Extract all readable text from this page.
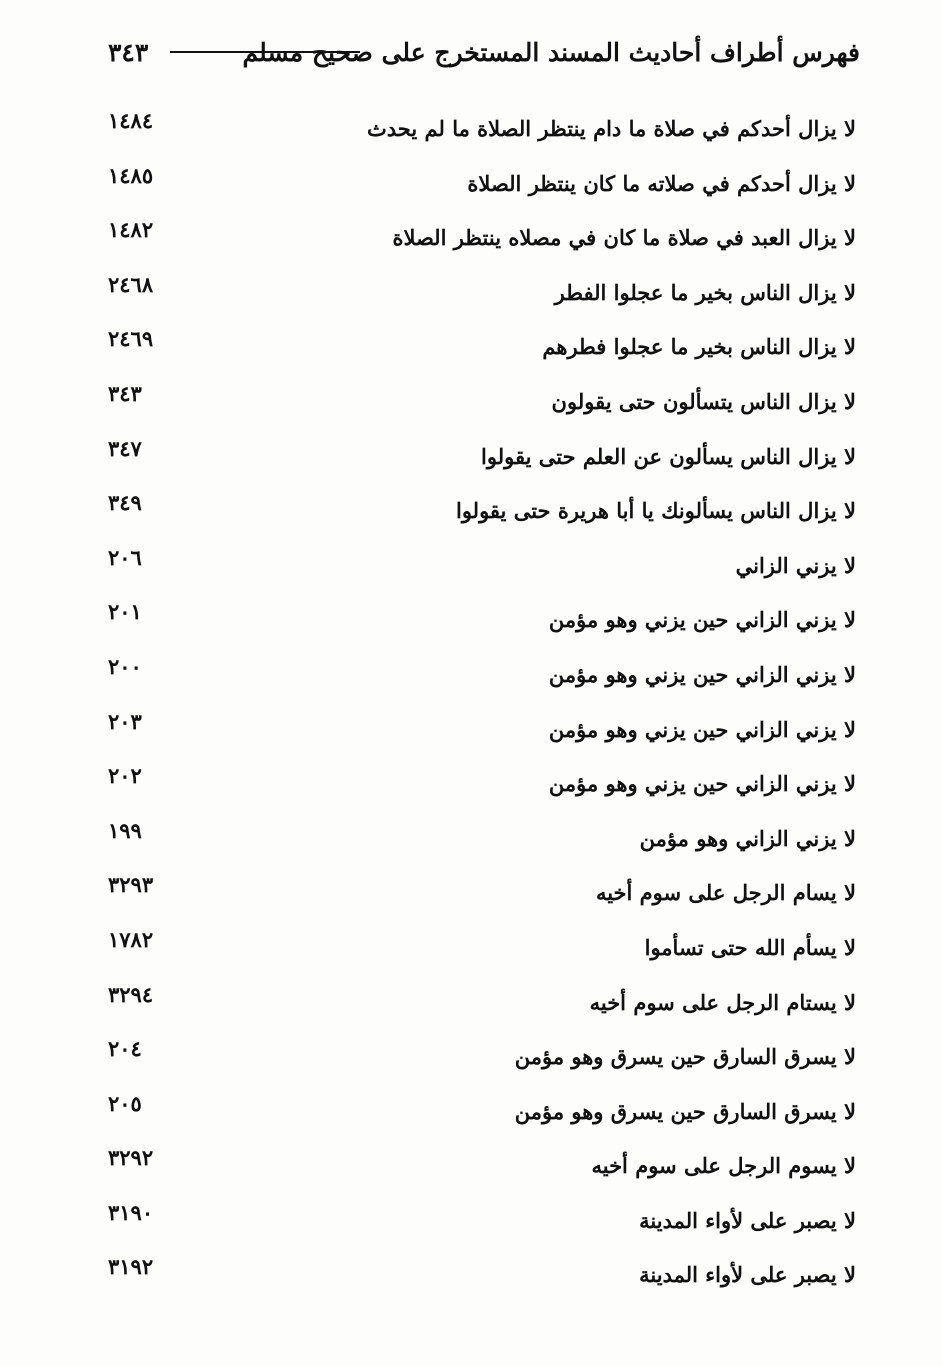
فهرس أطراف أحاديث المسند المستخرج على صحيح مسلم
٣٤٣
لا يزال أحدكم في صلاة ما دام ينتظر الصلاة ما لم يحدث
١٤٨٤
لا يزال أحدكم في صلاته ما كان ينتظر الصلاة
١٤٨٥
لا يزال العبد في صلاة ما كان في مصلاه ينتظر الصلاة
١٤٨٢
لا يزال الناس بخير ما عجلوا الفطر
٢٤٦٨
لا يزال الناس بخير ما عجلوا فطرهم
٢٤٦٩
لا يزال الناس يتسألون حتى يقولون
٣٤٣
لا يزال الناس يسألون عن العلم حتى يقولوا
٣٤٧
لا يزال الناس يسألونك يا أبا هريرة حتى يقولوا
٣٤٩
لا يزني الزاني
٢٠٦
لا يزني الزاني حين يزني وهو مؤمن
٢٠١
لا يزني الزاني حين يزني وهو مؤمن
٢٠٠
لا يزني الزاني حين يزني وهو مؤمن
٢٠٣
لا يزني الزاني حين يزني وهو مؤمن
٢٠٢
لا يزني الزاني وهو مؤمن
١٩٩
لا يسام الرجل على سوم أخيه
٣٢٩٣
لا يسأم الله حتى تسأموا
١٧٨٢
لا يستام الرجل على سوم أخيه
٣٢٩٤
لا يسرق السارق حين يسرق وهو مؤمن
٢٠٤
لا يسرق السارق حين يسرق وهو مؤمن
٢٠٥
لا يسوم الرجل على سوم أخيه
٣٢٩٢
لا يصبر على لأواء المدينة
٣١٩٠
لا يصبر على لأواء المدينة
٣١٩٢
